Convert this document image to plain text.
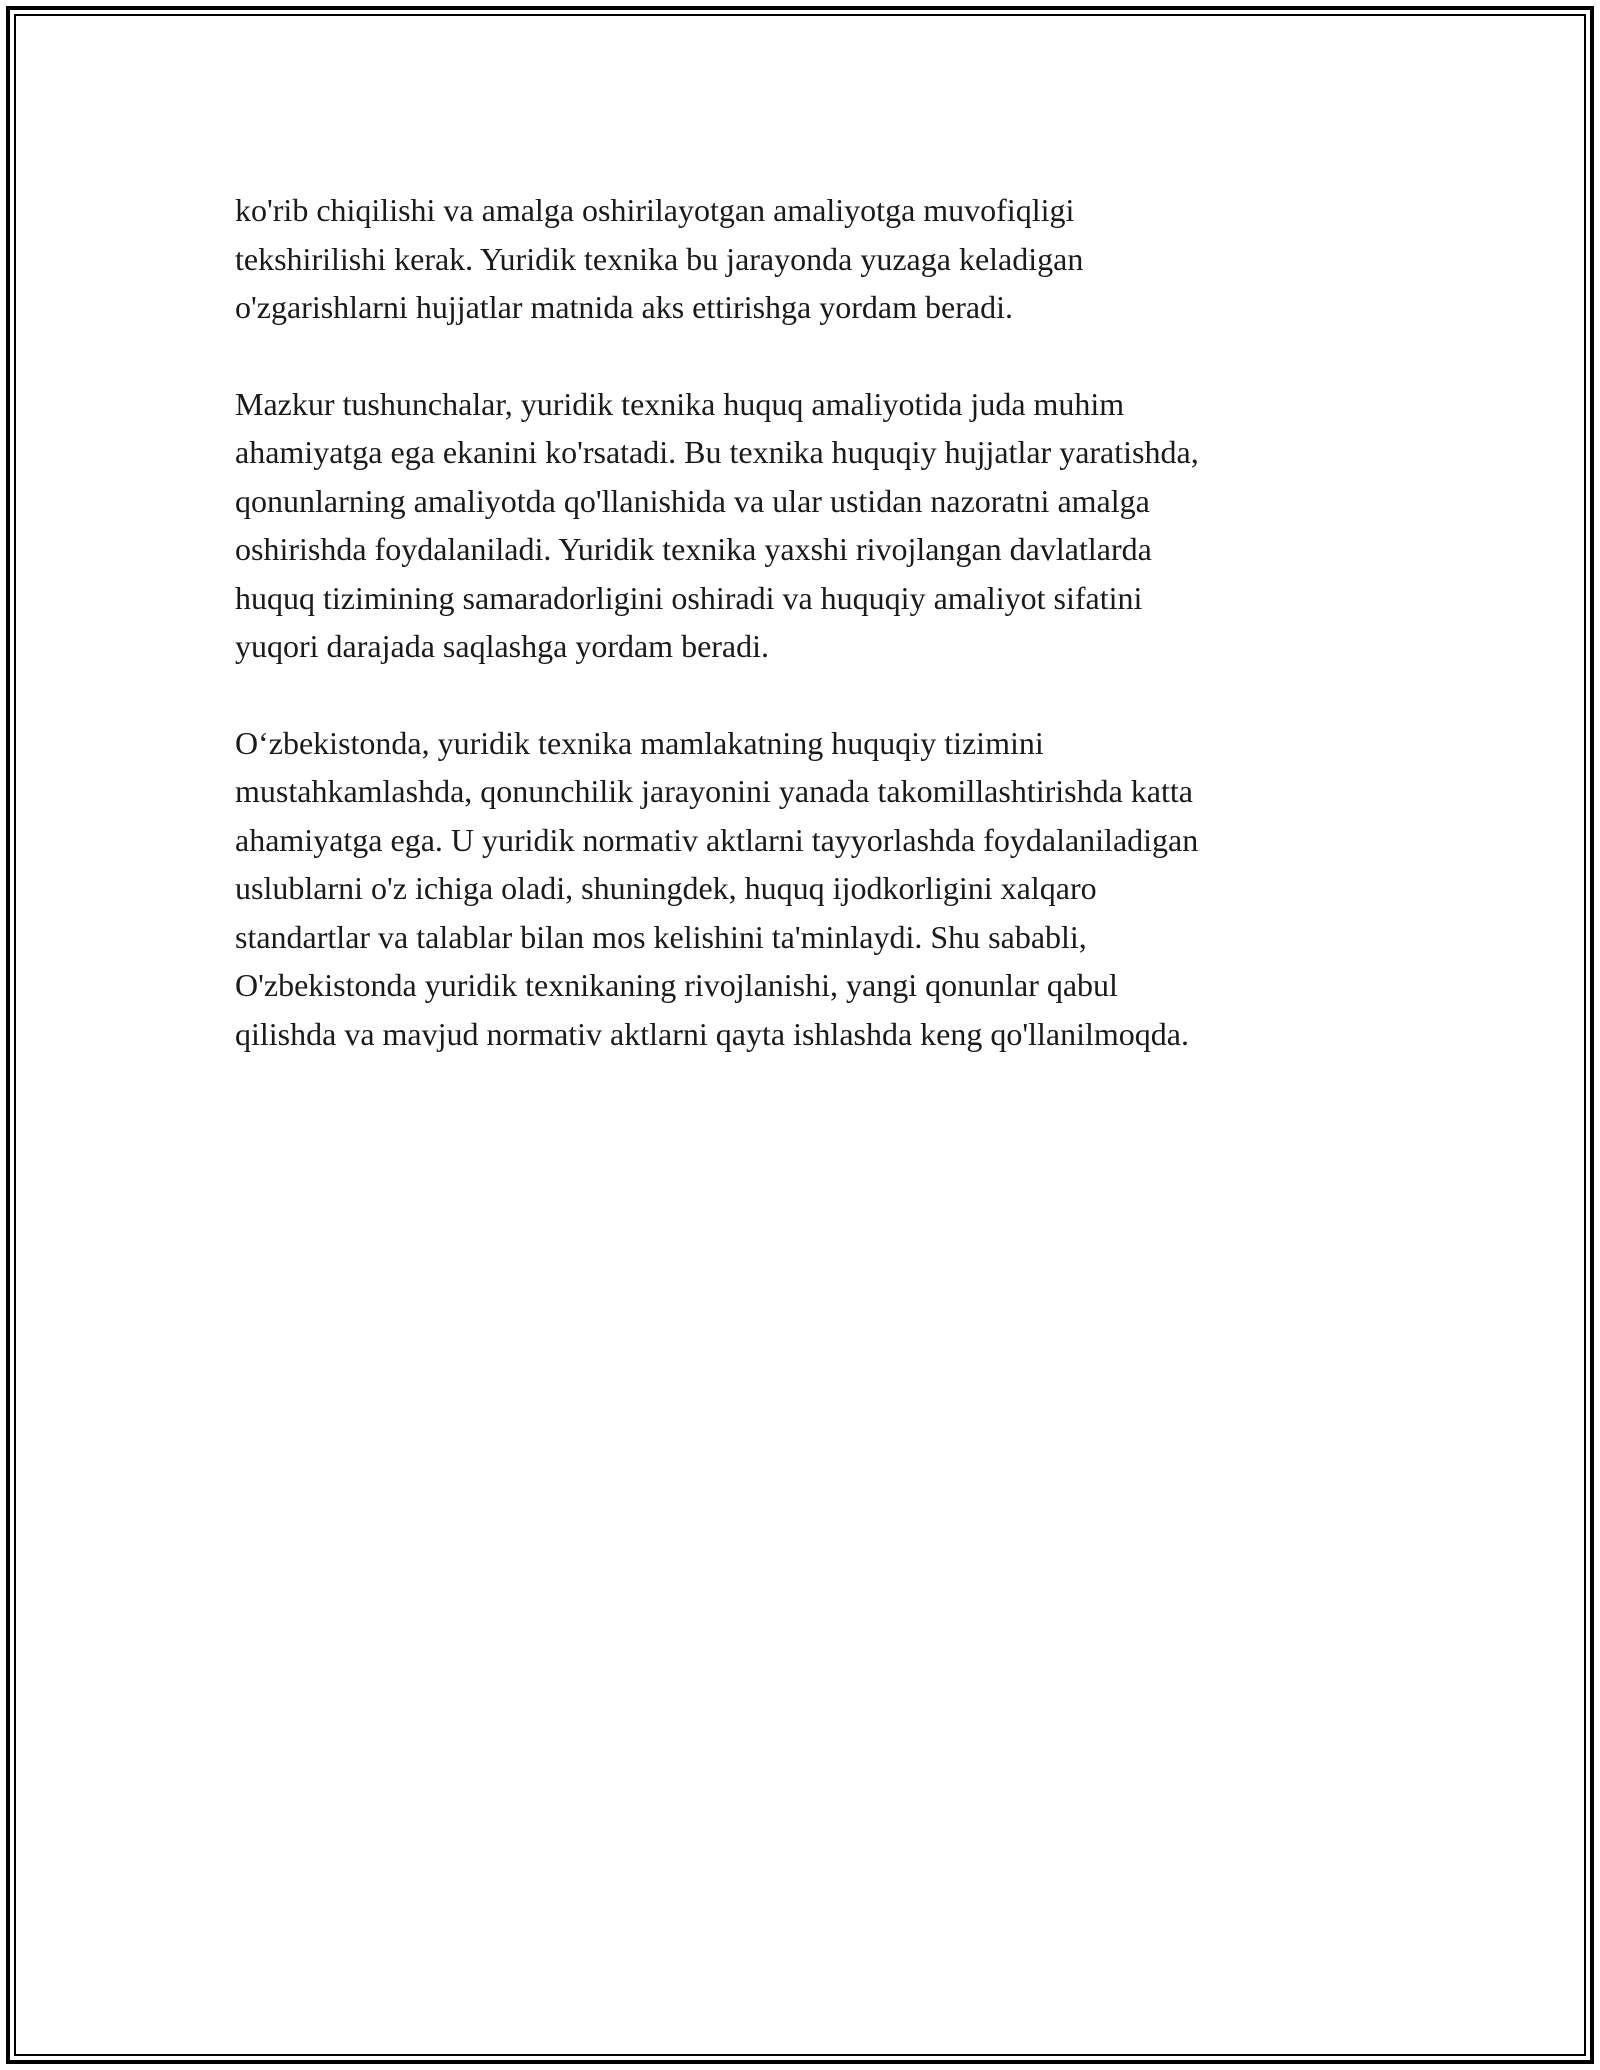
ko'rib chiqilishi va amalga oshirilayotgan amaliyotga muvofiqligi
tekshirilishi kerak. Yuridik texnika bu jarayonda yuzaga keladigan
o'zgarishlarni hujjatlar matnida aks ettirishga yordam beradi.

Mazkur tushunchalar, yuridik texnika huquq amaliyotida juda muhim
ahamiyatga ega ekanini ko'rsatadi. Bu texnika huquqiy hujjatlar yaratishda,
qonunlarning amaliyotda qo'llanishida va ular ustidan nazoratni amalga
oshirishda foydalaniladi. Yuridik texnika yaxshi rivojlangan davlatlarda
huquq tizimining samaradorligini oshiradi va huquqiy amaliyot sifatini
yuqori darajada saqlashga yordam beradi.

O‘zbekistonda, yuridik texnika mamlakatning huquqiy tizimini
mustahkamlashda, qonunchilik jarayonini yanada takomillashtirishda katta
ahamiyatga ega. U yuridik normativ aktlarni tayyorlashda foydalaniladigan
uslublarni o'z ichiga oladi, shuningdek, huquq ijodkorligini xalqaro
standartlar va talablar bilan mos kelishini ta'minlaydi. Shu sababli,
O'zbekistonda yuridik texnikaning rivojlanishi, yangi qonunlar qabul
qilishda va mavjud normativ aktlarni qayta ishlashda keng qo'llanilmoqda.
